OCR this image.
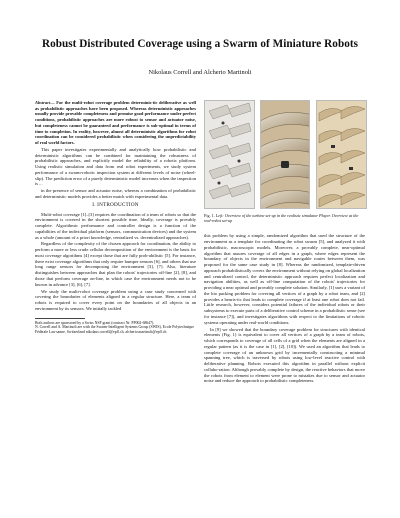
Robust Distributed Coverage using a Swarm of Miniature Robots
Nikolaus Correll and Alcherio Martinoli

Abstract— For the multi-robot coverage problem determinis-tic deliberative as well as probabilistic approaches have been proposed. Whereas deterministic approaches usually provide provable completeness and promise good performance under perfect conditions, probabilistic approaches are more robust to sensor and actuator noise, but completeness cannot be guaranteed and performance is sub-optimal in terms of time to completion. In reality, however, almost all deterministic algorithms for robot coordination can be considered probabilistic when considering the unpredictability of real world factors.

This paper investigates experimentally and analytically how probabilistic and deterministic algorithms can be combined for maintaining the robustness of probabilistic approaches, and explicitly model the reliability of a robotic platform. Using realistic simulation and data from real robot experiments, we study system performance of a swarm-robotic inspection system at different levels of noise (wheel-slip). The prediction error of a purely deterministic model increases when the inspection is ...

in the presence of sensor and actuator noise, whereas a combination of probabilistic and deterministic models provides a better match with experimental data.

I. INTRODUCTION

Multi-robot coverage [1]–[3] requires the coordination of a team of robots so that the environment is covered in the shortest possible time. Ideally, coverage is provably complete. Algorithmic performance and controller design is a function of the capabilities of the individual platform (sensors, communication devices) and the system as a whole (amount of a priori knowledge, centralized vs. decentralized approaches).

Regardless of the complexity of the chosen approach for coordination, the ability to perform a more or less crude cellular decomposition of the environment is the basis for most coverage algorithms [4] except those that are fully prob-abilistic [5]. For instance, there exist coverage algorithms that only require bumper sensors [6], and others that use long range sensors for decomposing the environment [3], [7]. Also, literature distinguishes between approaches that plan the robots' trajectories off-line [2], [8], and those that perform coverage on-line, in which case the environment needs not to be known in advance [3], [6], [7].

We study the multi-robot coverage problem using a case study concerned with covering the boundaries of elements aligned in a regular structure. Here, a team of robots is required to cover every point on the boundaries of all objects in an environment by its sensors. We initially tackled

Both authors are sponsored by a Swiss NSF grant (contract Nr. PP002-68647).
N. Correll and A. Martinoli are with the Swarm-Intelligent Systems Group (SWIS), Ecole Polytechnique Fédérale Lau-sanne, Switzerland nikolaus.correll@epfl.ch, alcherio.martinoli@epfl.ch
Fig. 1. Left: Overview of the turbine set-up in the realistic simulator Player. Overview at the real-robot set-up

this problem by using a simple, randomized algorithm that used the structure of the environment as a template for coordinating the robot swarm [5], and analyzed it with probabilistic, macroscopic models. Moreover, a provably complete, near-optimal algorithm that assures coverage of all edges in a graph, where edges represent the boundary of objects in the environment and navigable routes between them, was proposed for the same case study in [8]. Whereas the randomized, template-driven approach probabilistically covers the environment without relying on global localization and centralized control, the deterministic approach requires perfect localization and navigation abilities, as well as off-line computation of the robots' trajectories for providing a near optimal and provably complete solution. Similarly, [1] uses a variant of the bio packing problem for covering all vertices of a graph by a robot team, and [2] provides a heuris-tic that leads to complete coverage if at least one robot does not fail. Little research, however, considers potential failures of the individual robots or their subsystems to execute parts of a deliberative control scheme in a probabilistic sense (see for instance [7]), and investigates algorithms with respect to the limitations of robotic systems operating under real-world conditions.

In [9] we showed that the boundary coverage problem for structures with identical elements (Fig. 1) is equivalent to cover all vertices of a graph by a team of robots, which corresponds to coverage of all cells of a grid when the elements are aligned in a regular pattern (as it is the case in [1], [2], [10]). We used an algorithm that leads to complete coverage of an unknown grid by incrementally constructing a minimal spanning tree, which is traversed by robots using low-level reactive control with deliberative planning. Robots executed this algorithm in parallel without explicit collabo-ration. Although provably complete by design, the reactive behaviors that move the robots from element to element were prone to mistakes due to sensor and actuator noise and reduce the approach to probabilistic completeness.
